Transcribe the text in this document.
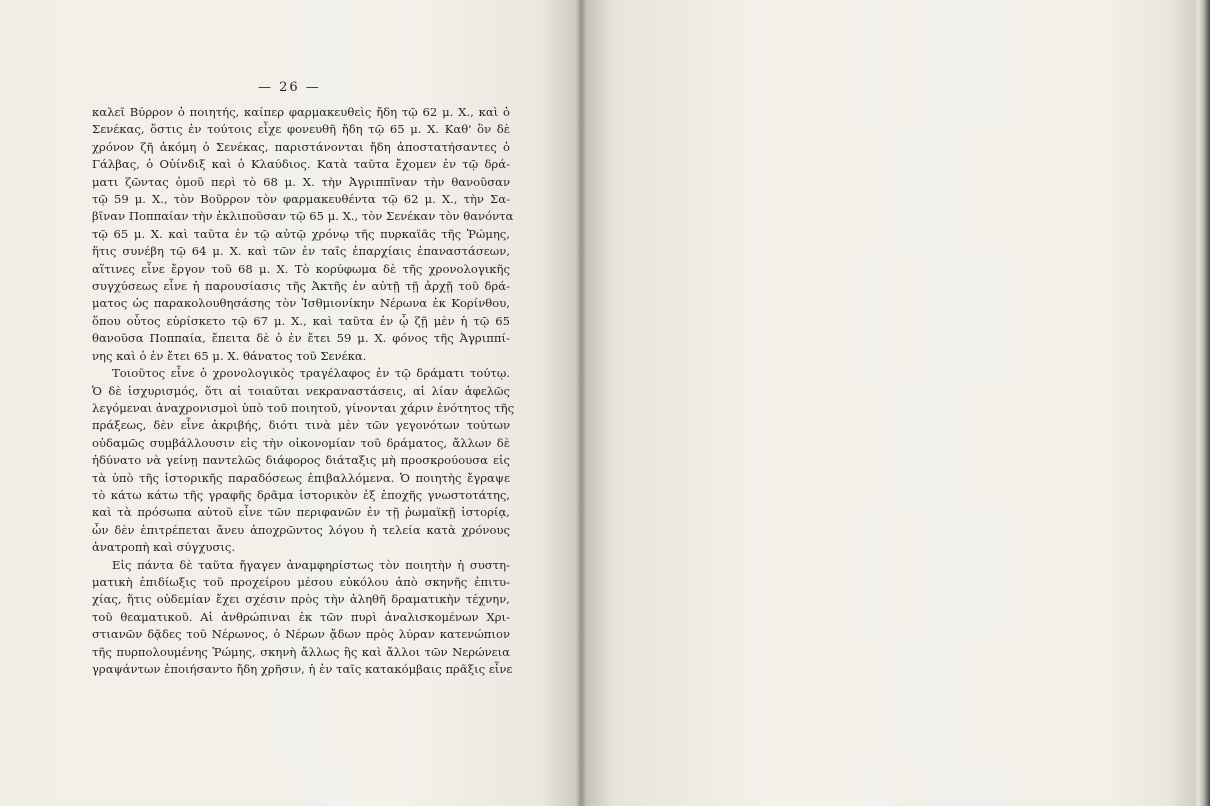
— 26 —
καλεῖ Βύρρον ὁ ποιητής, καίπερ φαρμακευθεὶς ἤδη τῷ 62 μ. Χ., καὶ ὁ
Σενέκας, ὅστις ἐν τούτοις εἶχε φονευθῆ ἤδη τῷ 65 μ. Χ. Καθ' ὃν δὲ
χρόνον ζῆ ἀκόμη ὁ Σενέκας, παριστάνονται ἤδη ἀποστατήσαντες ὁ
Γάλβας, ὁ Οὐίνδιξ καὶ ὁ Κλαύδιος. Κατὰ ταῦτα ἔχομεν ἐν τῷ δρά-
ματι ζῶντας ὁμοῦ περὶ τὸ 68 μ. Χ. τὴν Ἀγριππῖναν τὴν θανοῦσαν
τῷ 59 μ. Χ., τὸν Βοῦρρον τὸν φαρμακευθέντα τῷ 62 μ. Χ., τὴν Σα-
βῖναν Ποππαίαν τὴν ἐκλιποῦσαν τῷ 65 μ. Χ., τὸν Σενέκαν τὸν θανόντα
τῷ 65 μ. Χ. καὶ ταῦτα ἐν τῷ αὐτῷ χρόνῳ τῆς πυρκαϊᾶς τῆς Ῥώμης,
ἥτις συνέβη τῷ 64 μ. Χ. καὶ τῶν ἐν ταῖς ἐπαρχίαις ἐπαναστάσεων,
αἵτινες εἶνε ἔργον τοῦ 68 μ. Χ. Τὸ κορύφωμα δὲ τῆς χρονολογικῆς
συγχύσεως εἶνε ἡ παρουσίασις τῆς Ἀκτῆς ἐν αὐτῇ τῇ ἀρχῇ τοῦ δρά-
ματος ὡς παρακολουθησάσης τὸν Ἰσθμιονίκην Νέρωνα ἐκ Κορίνθου,
ὅπου οὗτος εὑρίσκετο τῷ 67 μ. Χ., καὶ ταῦτα ἐν ᾧ ζῇ μὲν ἡ τῷ 65
θανοῦσα Ποππαία, ἔπειτα δὲ ὁ ἐν ἔτει 59 μ. Χ. φόνος τῆς Ἀγριππί-
νης καὶ ὁ ἐν ἔτει 65 μ. Χ. θάνατος τοῦ Σενέκα.
Τοιοῦτος εἶνε ὁ χρονολογικὸς τραγέλαφος ἐν τῷ δράματι τούτῳ.
Ὁ δὲ ἰσχυρισμός, ὅτι αἱ τοιαῦται νεκραναστάσεις, αἱ λίαν ἀφελῶς
λεγόμεναι ἀναχρονισμοὶ ὑπὸ τοῦ ποιητοῦ, γίνονται χάριν ἑνότητος τῆς
πράξεως, δὲν εἶνε ἀκριβής, διότι τινὰ μὲν τῶν γεγονότων τούτων
οὐδαμῶς συμβάλλουσιν εἰς τὴν οἰκονομίαν τοῦ δράματος, ἄλλων δὲ
ἠδύνατο νὰ γείνῃ παντελῶς διάφορος διάταξις μὴ προσκρούουσα εἰς
τὰ ὑπὸ τῆς ἱστορικῆς παραδόσεως ἐπιβαλλόμενα. Ὁ ποιητὴς ἔγραψε
τὸ κάτω κάτω τῆς γραφῆς δρᾶμα ἱστορικὸν ἐξ ἐποχῆς γνωστοτάτης,
καὶ τὰ πρόσωπα αὐτοῦ εἶνε τῶν περιφανῶν ἐν τῇ ῥωμαϊκῇ ἱστορίᾳ,
ὧν δὲν ἐπιτρέπεται ἄνευ ἀποχρῶντος λόγου ἡ τελεία κατὰ χρόνους
ἀνατροπὴ καὶ σύγχυσις.
Εἰς πάντα δὲ ταῦτα ἤγαγεν ἀναμφηρίστως τὸν ποιητὴν ἡ συστη-
ματικὴ ἐπιδίωξις τοῦ προχείρου μέσου εὐκόλου ἀπὸ σκηνῆς ἐπιτυ-
χίας, ἥτις οὐδεμίαν ἔχει σχέσιν πρὸς τὴν ἀληθῆ δραματικὴν τέχνην,
τοῦ θεαματικοῦ. Αἱ ἀνθρώπιναι ἐκ τῶν πυρὶ ἀναλισκομένων Χρι-
στιανῶν δᾷδες τοῦ Νέρωνος, ὁ Νέρων ᾄδων πρὸς λύραν κατενώπιον
τῆς πυρπολουμένης Ῥώμης, σκηνὴ ἄλλως ἣς καὶ ἄλλοι τῶν Νερώνεια
γραψάντων ἐποιήσαντο ἤδη χρῆσιν, ἡ ἐν ταῖς κατακόμβαις πρᾶξις εἶνε
